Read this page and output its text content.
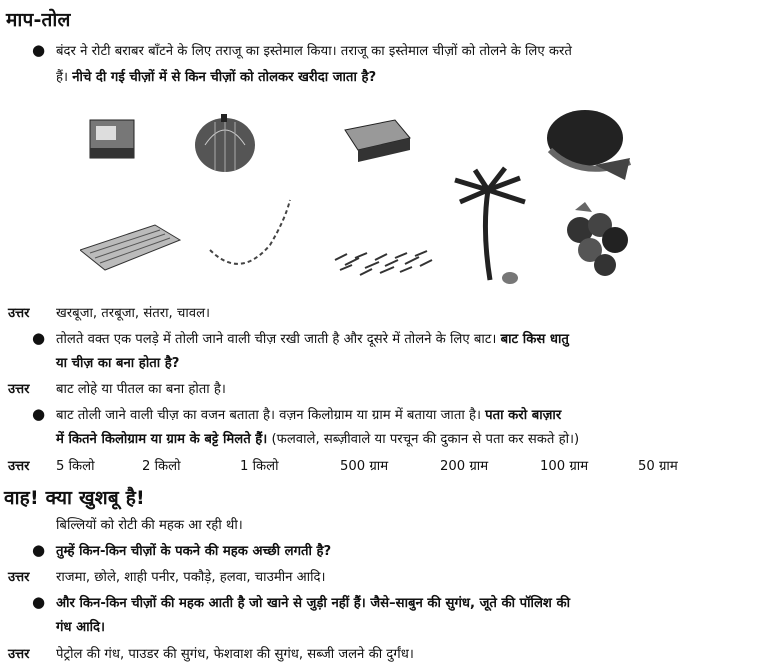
माप-तोल
● बंदर ने रोटी बराबर बाँटने के लिए तराजू का इस्तेमाल किया। तराजू का इस्तेमाल चीज़ों को तोलने के लिए करते
हैं। नीचे दी गई चीज़ों में से किन चीज़ों को तोलकर खरीदा जाता है?
उत्तर खरबूजा, तरबूजा, संतरा, चावल।
● तोलते वक्त एक पलड़े में तोली जाने वाली चीज़ रखी जाती है और दूसरे में तोलने के लिए बाट। बाट किस धातु
या चीज़ का बना होता है?
उत्तर बाट लोहे या पीतल का बना होता है।
● बाट तोली जाने वाली चीज़ का वजन बताता है। वज़न किलोग्राम या ग्राम में बताया जाता है। पता करो बाज़ार
में कितने किलोग्राम या ग्राम के बट्टे मिलते हैं। (फलवाले, सब्ज़ीवाले या परचून की दुकान से पता कर सकते हो।)
उत्तर 5 किलो	2 किलो	1 किलो	500 ग्राम	200 ग्राम	100 ग्राम	50 ग्राम
वाह! क्या खुशबू है!
बिल्लियों को रोटी की महक आ रही थी।
● तुम्हें किन-किन चीज़ों के पकने की महक अच्छी लगती है?
उत्तर राजमा, छोले, शाही पनीर, पकौड़े, हलवा, चाउमीन आदि।
● और किन-किन चीज़ों की महक आती है जो खाने से जुड़ी नहीं हैं। जैसे–साबुन की सुगंध, जूते की पॉलिश की
गंध आदि।
उत्तर पेट्रोल की गंध, पाउडर की सुगंध, फेशवाश की सुगंध, सब्जी जलने की दुर्गंध।
